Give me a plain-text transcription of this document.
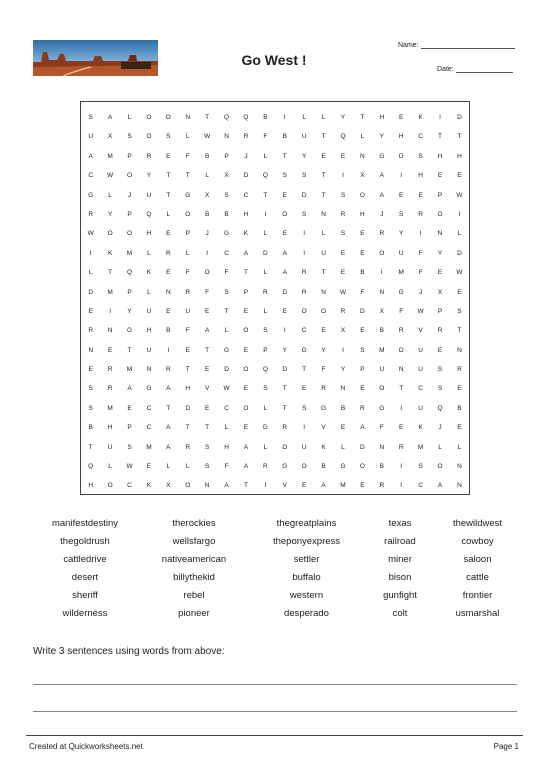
Go West !
Name:
Date:
S	A	L	O	O	N	T	Q	Q	B	I	L	L	Y	T	H	E	K	I	D
U	X	S	O	S	L	W	N	R	F	B	U	T	Q	L	Y	H	C	T	T
A	M	P	R	E	F	B	P	J	L	T	Y	E	E	N	G	D	S	H	H
C	W	O	Y	T	T	L	X	D	Q	S	S	T	I	X	A	I	H	E	E
G	L	J	U	T	G	X	S	C	T	E	D	T	S	O	A	E	E	P	W
R	Y	P	Q	L	O	B	B	H	I	O	S	N	R	H	J	S	R	O	I
W	O	O	H	E	P	J	G	K	L	E	I	L	S	E	R	Y	I	N	L
I	K	M	L	R	L	I	C	A	D	A	I	U	E	E	O	U	F	Y	D
L	T	Q	K	E	F	O	F	T	L	A	R	T	E	B	I	M	F	E	W
D	M	P	L	N	R	F	S	P	R	D	R	N	W	F	N	G	J	X	E
E	I	Y	U	E	U	E	T	E	L	E	O	O	R	D	X	F	W	P	S
R	N	G	H	B	F	A	L	O	S	I	C	E	X	E	B	R	V	R	T
N	E	T	U	I	E	T	G	E	P	Y	G	Y	I	S	M	O	U	E	N
E	R	M	N	R	T	E	D	O	Q	D	T	F	Y	P	U	N	U	S	R
S	R	A	G	A	H	V	W	E	S	T	E	R	N	E	O	T	C	S	E
S	M	E	C	T	D	E	C	O	L	T	S	G	B	R	G	I	U	Q	B
B	H	P	C	A	T	T	L	E	D	R	I	V	E	A	F	E	K	J	E
T	U	S	M	A	R	S	H	A	L	O	U	K	L	D	N	R	M	L	L
Q	L	W	E	L	L	S	F	A	R	G	O	B	G	O	B	I	S	O	N
H	O	C	K	X	O	N	A	T	I	V	E	A	M	E	R	I	C	A	N
manifestdestiny	therockies	thegreatplains	texas	thewildwest
thegoldrush	wellsfargo	theponyexpress	railroad	cowboy
cattledrive	nativeamerican	settler	miner	saloon
desert	billythekid	buffalo	bison	cattle
sheriff	rebel	western	gunfight	frontier
wilderness	pioneer	desperado	colt	usmarshal
Write 3 sentences using words from above:
Created at Quickworksheets.net	Page 1
